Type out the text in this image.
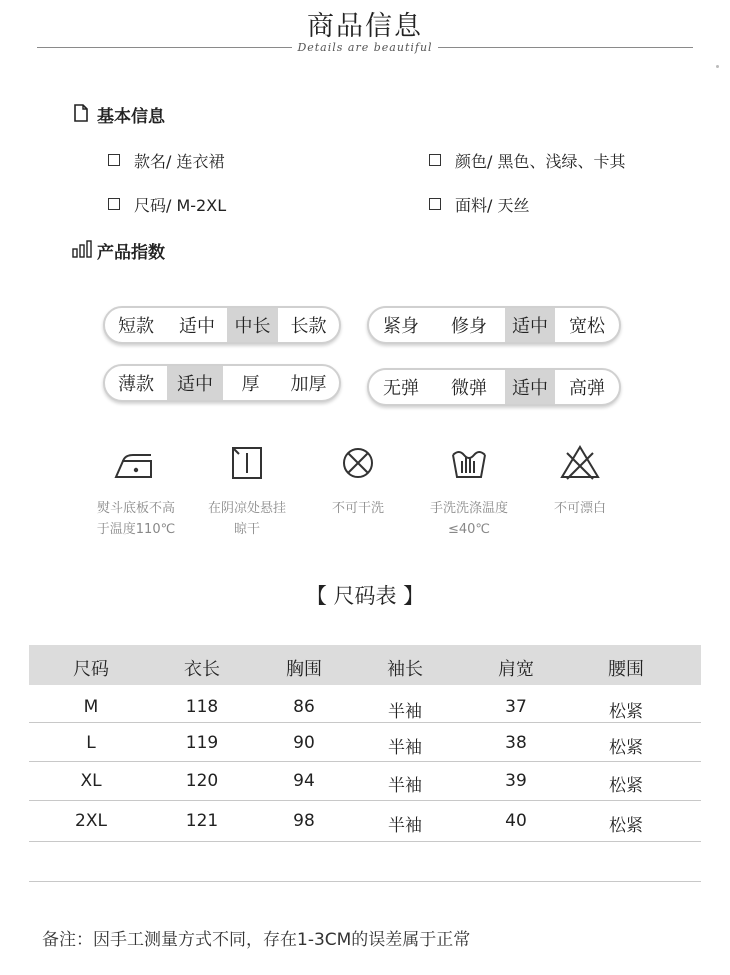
商品信息
Details are beautiful
基本信息
款名/ 连衣裙	颜色/ 黑色、浅绿、卡其
尺码/ M-2XL	面料/ 天丝
产品指数
短款	适中	中长	长款	紧身	修身	适中	宽松
薄款	适中	厚	加厚	无弹	微弹	适中	高弹
熨斗底板不高
于温度110℃
在阴凉处悬挂
晾干
不可干洗	手洗洗涤温度
≤40℃
不可漂白
【 尺码表 】
尺码	衣长	胸围	袖长	肩宽	腰围
M	118	86	半袖	37	松紧
L	119	90	半袖	38	松紧
XL	120	94	半袖	39	松紧
2XL	121	98	半袖	40	松紧
备注：因手工测量方式不同，存在1-3CM的误差属于正常
